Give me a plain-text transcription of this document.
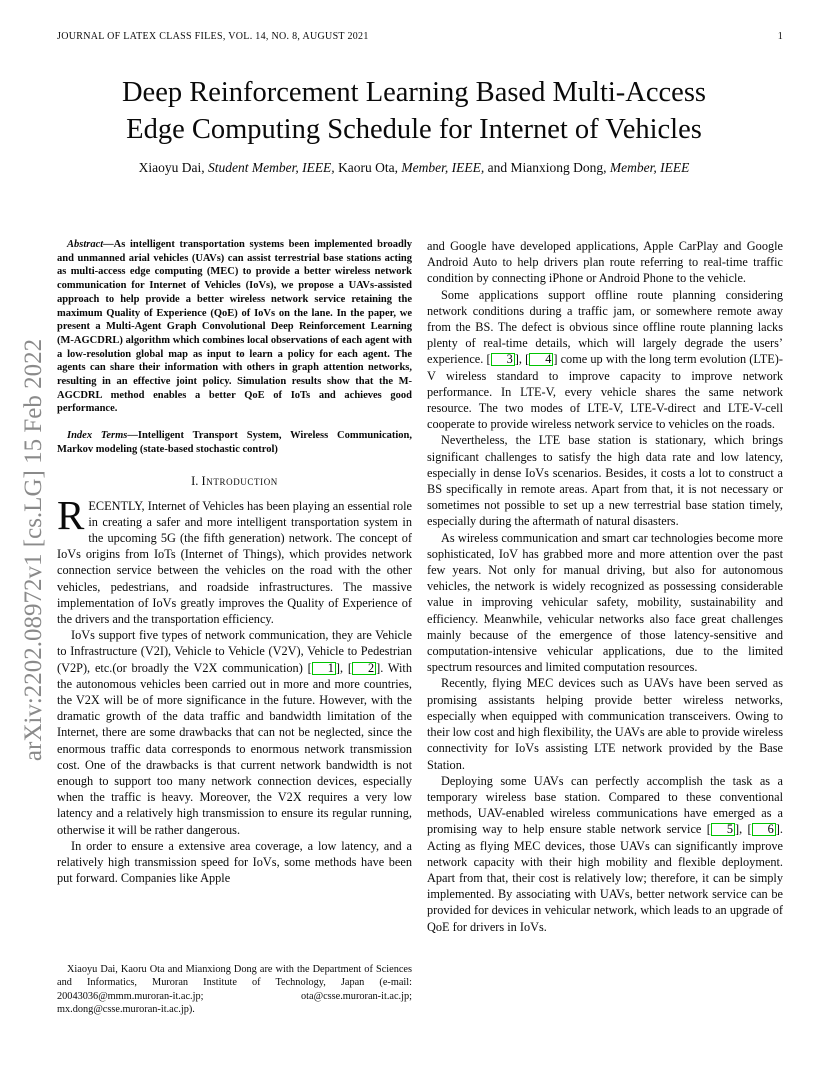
JOURNAL OF LATEX CLASS FILES, VOL. 14, NO. 8, AUGUST 2021	1
arXiv:2202.08972v1 [cs.LG] 15 Feb 2022
Deep Reinforcement Learning Based Multi-Access
Edge Computing Schedule for Internet of Vehicles
Xiaoyu Dai, Student Member, IEEE, Kaoru Ota, Member, IEEE, and Mianxiong Dong, Member, IEEE

Abstract—As intelligent transportation systems been implemented broadly and unmanned arial vehicles (UAVs) can assist terrestrial base stations acting as multi-access edge computing (MEC) to provide a better wireless network communication for Internet of Vehicles (IoVs), we propose a UAVs-assisted approach to help provide a better wireless network service retaining the maximum Quality of Experience (QoE) of IoVs on the lane. In the paper, we present a Multi-Agent Graph Convolutional Deep Reinforcement Learning (M-AGCDRL) algorithm which combines local observations of each agent with a low-resolution global map as input to learn a policy for each agent. The agents can share their information with others in graph attention networks, resulting in an effective joint policy. Simulation results show that the M-AGCDRL method enables a better QoE of IoTs and achieves good performance.

Index Terms—Intelligent Transport System, Wireless Communication, Markov modeling (state-based stochastic control)

I. Introduction

RECENTLY, Internet of Vehicles has been playing an essential role in creating a safer and more intelligent transportation system in the upcoming 5G (the fifth generation) network. The concept of IoVs origins from IoTs (Internet of Things), which provides network connection service between the vehicles on the road with the other vehicles, pedestrians, and roadside infrastructures. The massive implementation of IoVs greatly improves the Quality of Experience of the drivers and the transportation efficiency.

IoVs support five types of network communication, they are Vehicle to Infrastructure (V2I), Vehicle to Vehicle (V2V), Vehicle to Pedestrian (V2P), etc.(or broadly the V2X communication) [ 1 ], [ 2 ]. With the autonomous vehicles been carried out in more and more countries, the V2X will be of more significance in the future. However, with the dramatic growth of the data traffic and bandwidth limitation of the Internet, there are some drawbacks that can not be neglected, since the enormous traffic data corresponds to enormous network transmission cost. One of the drawbacks is that current network bandwidth is not enough to support too many network connection devices, especially when the traffic is heavy. Moreover, the V2X requires a very low latency and a relatively high transmission to ensure its regular running, otherwise it will be rather dangerous.

In order to ensure a extensive area coverage, a low latency, and a relatively high transmission speed for IoVs, some methods have been put forward. Companies like Apple

Xiaoyu Dai, Kaoru Ota and Mianxiong Dong are with the Department of Sciences and Informatics, Muroran Institute of Technology, Japan (e-mail: 20043036@mmm.muroran-it.ac.jp; ota@csse.muroran-it.ac.jp; mx.dong@csse.muroran-it.ac.jp).

and Google have developed applications, Apple CarPlay and Google Android Auto to help drivers plan route referring to real-time traffic condition by connecting iPhone or Android Phone to the vehicle.

Some applications support offline route planning considering network conditions during a traffic jam, or somewhere remote away from the BS. The defect is obvious since offline route planning lacks plenty of real-time details, which will largely degrade the users’ experience. [ 3 ], [ 4 ] come up with the long term evolution (LTE)-V wireless standard to improve capacity to improve network performance. In LTE-V, every vehicle shares the same network resource. The two modes of LTE-V, LTE-V-direct and LTE-V-cell cooperate to provide wireless network service to vehicles on the roads.

Nevertheless, the LTE base station is stationary, which brings significant challenges to satisfy the high data rate and low latency, especially in dense IoVs scenarios. Besides, it costs a lot to construct a BS specifically in remote areas. Apart from that, it is not necessary or sometimes not possible to set up a new terrestrial base station timely, especially during the aftermath of natural disasters.

As wireless communication and smart car technologies become more sophisticated, IoV has grabbed more and more attention over the past few years. Not only for manual driving, but also for autonomous vehicles, the network is widely recognized as possessing considerable value in improving vehicular safety, mobility, sustainability and efficiency. Meanwhile, vehicular networks also face great challenges mainly because of the emergence of those latency-sensitive and computation-intensive vehicular applications, due to the limited spectrum resources and limited computation resources.

Recently, flying MEC devices such as UAVs have been served as promising assistants helping provide better wireless networks, especially when equipped with communication transceivers. Owing to their low cost and high flexibility, the UAVs are able to provide wireless connectivity for IoVs assisting LTE network provided by the Base Station.

Deploying some UAVs can perfectly accomplish the task as a temporary wireless base station. Compared to these conventional methods, UAV-enabled wireless communications have emerged as a promising way to help ensure stable network service [ 5 ], [ 6 ]. Acting as flying MEC devices, those UAVs can significantly improve network capacity with their high mobility and flexible deployment. Apart from that, their cost is relatively low; therefore, it can be simply implemented. By associating with UAVs, better network service can be provided for devices in vehicular network, which leads to an upgrade of QoE for drivers in IoVs.
